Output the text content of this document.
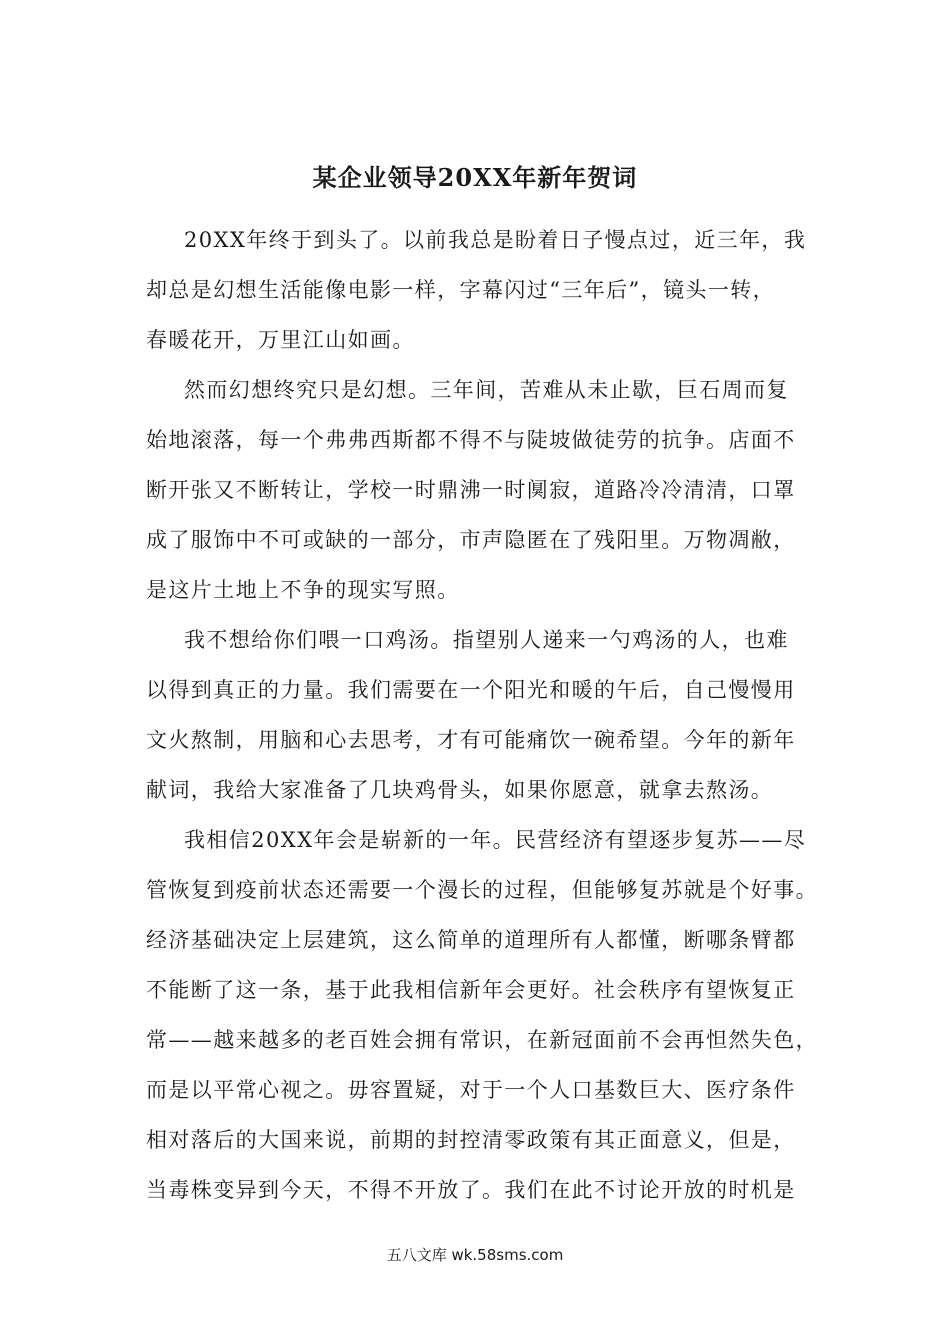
某企业领导20XX年新年贺词
20XX年终于到头了。以前我总是盼着日子慢点过，近三年，我
却总是幻想生活能像电影一样，字幕闪过“三年后”，镜头一转，
春暖花开，万里江山如画。
然而幻想终究只是幻想。三年间，苦难从未止歇，巨石周而复
始地滚落，每一个弗弗西斯都不得不与陡坡做徒劳的抗争。店面不
断开张又不断转让，学校一时鼎沸一时阒寂，道路冷冷清清，口罩
成了服饰中不可或缺的一部分，市声隐匿在了残阳里。万物凋敝，
是这片土地上不争的现实写照。
我不想给你们喂一口鸡汤。指望别人递来一勺鸡汤的人，也难
以得到真正的力量。我们需要在一个阳光和暖的午后，自己慢慢用
文火熬制，用脑和心去思考，才有可能痛饮一碗希望。今年的新年
献词，我给大家准备了几块鸡骨头，如果你愿意，就拿去熬汤。
我相信20XX年会是崭新的一年。民营经济有望逐步复苏——尽
管恢复到疫前状态还需要一个漫长的过程，但能够复苏就是个好事。
经济基础决定上层建筑，这么简单的道理所有人都懂，断哪条臂都
不能断了这一条，基于此我相信新年会更好。社会秩序有望恢复正
常——越来越多的老百姓会拥有常识，在新冠面前不会再怛然失色，
而是以平常心视之。毋容置疑，对于一个人口基数巨大、医疗条件
相对落后的大国来说，前期的封控清零政策有其正面意义，但是，
当毒株变异到今天，不得不开放了。我们在此不讨论开放的时机是
五八文库 wk.58sms.com
